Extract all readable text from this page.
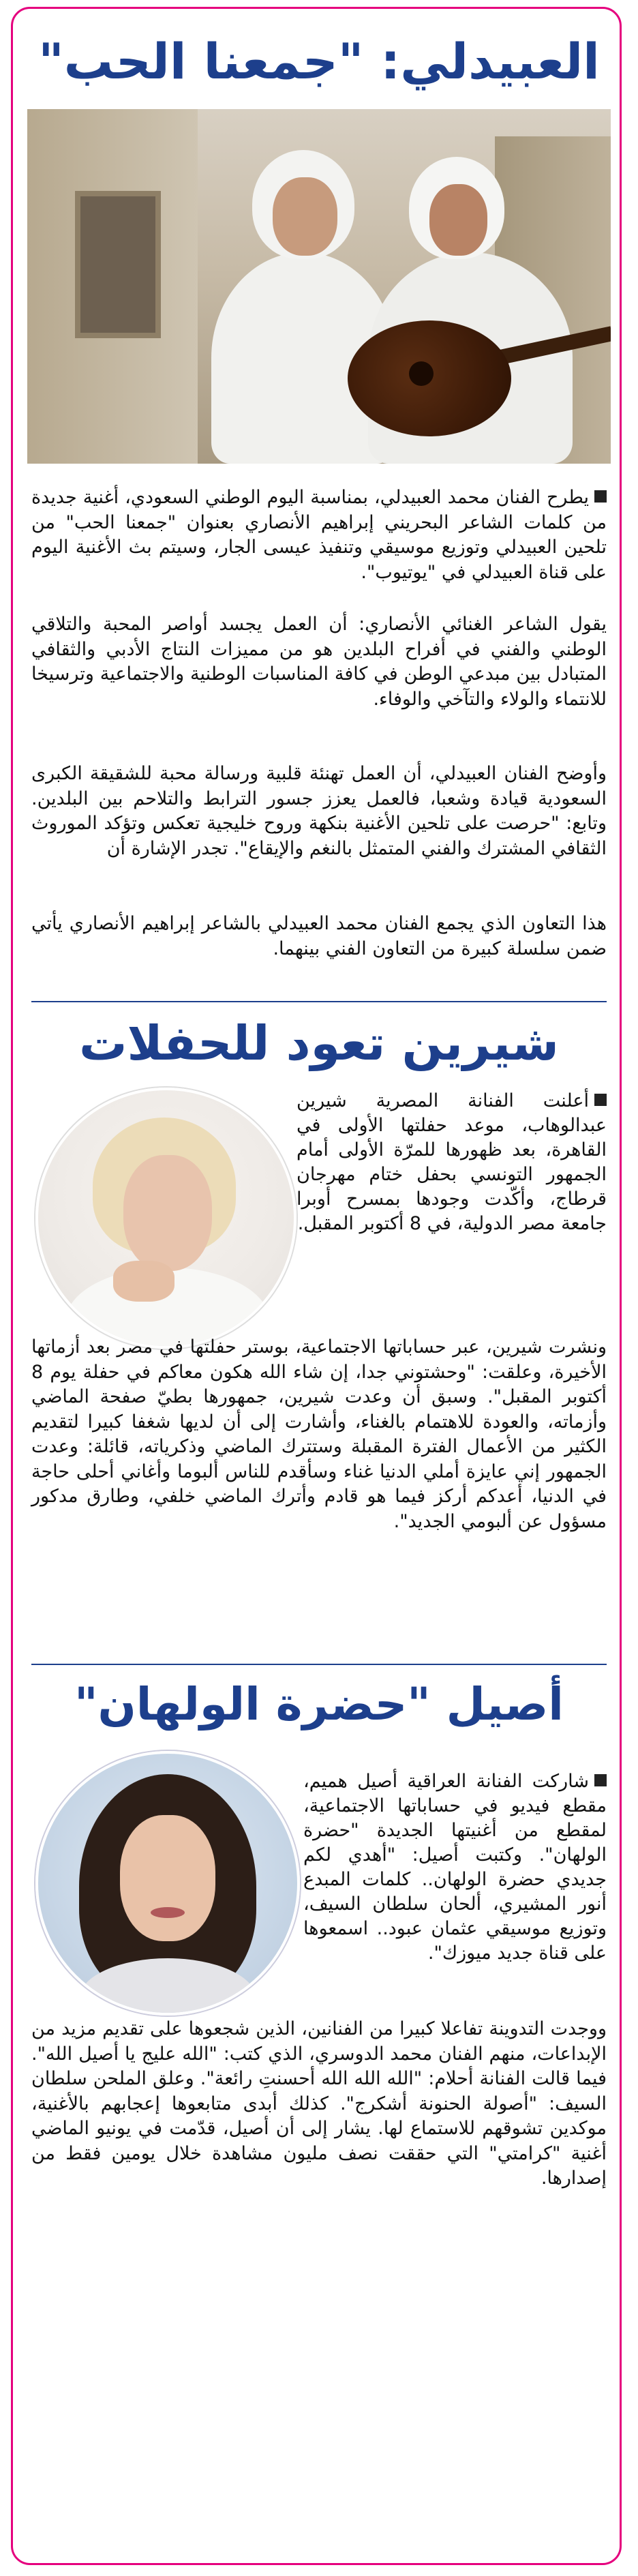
العبيدلي: "جمعنا الحب"

يطرح الفنان محمد العبيدلي، بمناسبة اليوم الوطني السعودي، أغنية جديدة من كلمات الشاعر البحريني إبراهيم الأنصاري بعنوان "جمعنا الحب" من تلحين العبيدلي وتوزيع موسيقي وتنفيذ عيسى الجار، وسيتم بث الأغنية اليوم على قناة العبيدلي في "يوتيوب".

يقول الشاعر الغنائي الأنصاري: أن العمل يجسد أواصر المحبة والتلاقي الوطني والفني في أفراح البلدين هو من مميزات النتاج الأدبي والثقافي المتبادل بين مبدعي الوطن في كافة المناسبات الوطنية والاجتماعية وترسيخا للانتماء والولاء والتآخي والوفاء.

وأوضح الفنان العبيدلي، أن العمل تهنئة قلبية ورسالة محبة للشقيقة الكبرى السعودية قيادة وشعبا، فالعمل يعزز جسور الترابط والتلاحم بين البلدين. وتابع: "حرصت على تلحين الأغنية بنكهة وروح خليجية تعكس وتؤكد الموروث الثقافي المشترك والفني المتمثل بالنغم والإيقاع". تجدر الإشارة أن

هذا التعاون الذي يجمع الفنان محمد العبيدلي بالشاعر إبراهيم الأنصاري يأتي ضمن سلسلة كبيرة من التعاون الفني بينهما.

شيرين تعود للحفلات

أعلنت الفنانة المصرية شيرين عبدالوهاب، موعد حفلتها الأولى في القاهرة، بعد ظهورها للمرّة الأولى أمام الجمهور التونسي بحفل ختام مهرجان قرطاج، وأكّدت وجودها بمسرح أوبرا جامعة مصر الدولية، في 8 أكتوبر المقبل.

ونشرت شيرين، عبر حساباتها الاجتماعية، بوستر حفلتها في مصر بعد أزماتها الأخيرة، وعلقت: "وحشتوني جدا، إن شاء الله هكون معاكم في حفلة يوم 8 أكتوبر المقبل". وسبق أن وعدت شيرين، جمهورها بطيّ صفحة الماضي وأزماته، والعودة للاهتمام بالغناء، وأشارت إلى أن لديها شغفا كبيرا لتقديم الكثير من الأعمال الفترة المقبلة وستترك الماضي وذكرياته، قائلة: وعدت الجمهور إني عايزة أملي الدنيا غناء وسأقدم للناس ألبوما وأغاني أحلى حاجة في الدنيا، أعدكم أركز فيما هو قادم وأترك الماضي خلفي، وطارق مدكور مسؤول عن ألبومي الجديد".

أصيل "حضرة الولهان"

شاركت الفنانة العراقية أصيل هميم، مقطع فيديو في حساباتها الاجتماعية، لمقطع من أغنيتها الجديدة "حضرة الولهان". وكتبت أصيل: "أهدي لكم جديدي حضرة الولهان.. كلمات المبدع أنور المشيري، ألحان سلطان السيف، وتوزيع موسيقي عثمان عبود.. اسمعوها على قناة جديد ميوزك".

ووجدت التدوينة تفاعلا كبيرا من الفنانين، الذين شجعوها على تقديم مزيد من الإبداعات، منهم الفنان محمد الدوسري، الذي كتب: "الله عليج يا أصيل الله". فيما قالت الفنانة أحلام: "الله الله الله أحسنتِ رائعة". وعلق الملحن سلطان السيف: "أصولة الحنونة أشكرج". كذلك أبدى متابعوها إعجابهم بالأغنية، موكدين تشوقهم للاستماع لها. يشار إلى أن أصيل، قدّمت في يونيو الماضي أغنية "كرامتي" التي حققت نصف مليون مشاهدة خلال يومين فقط من إصدارها.
